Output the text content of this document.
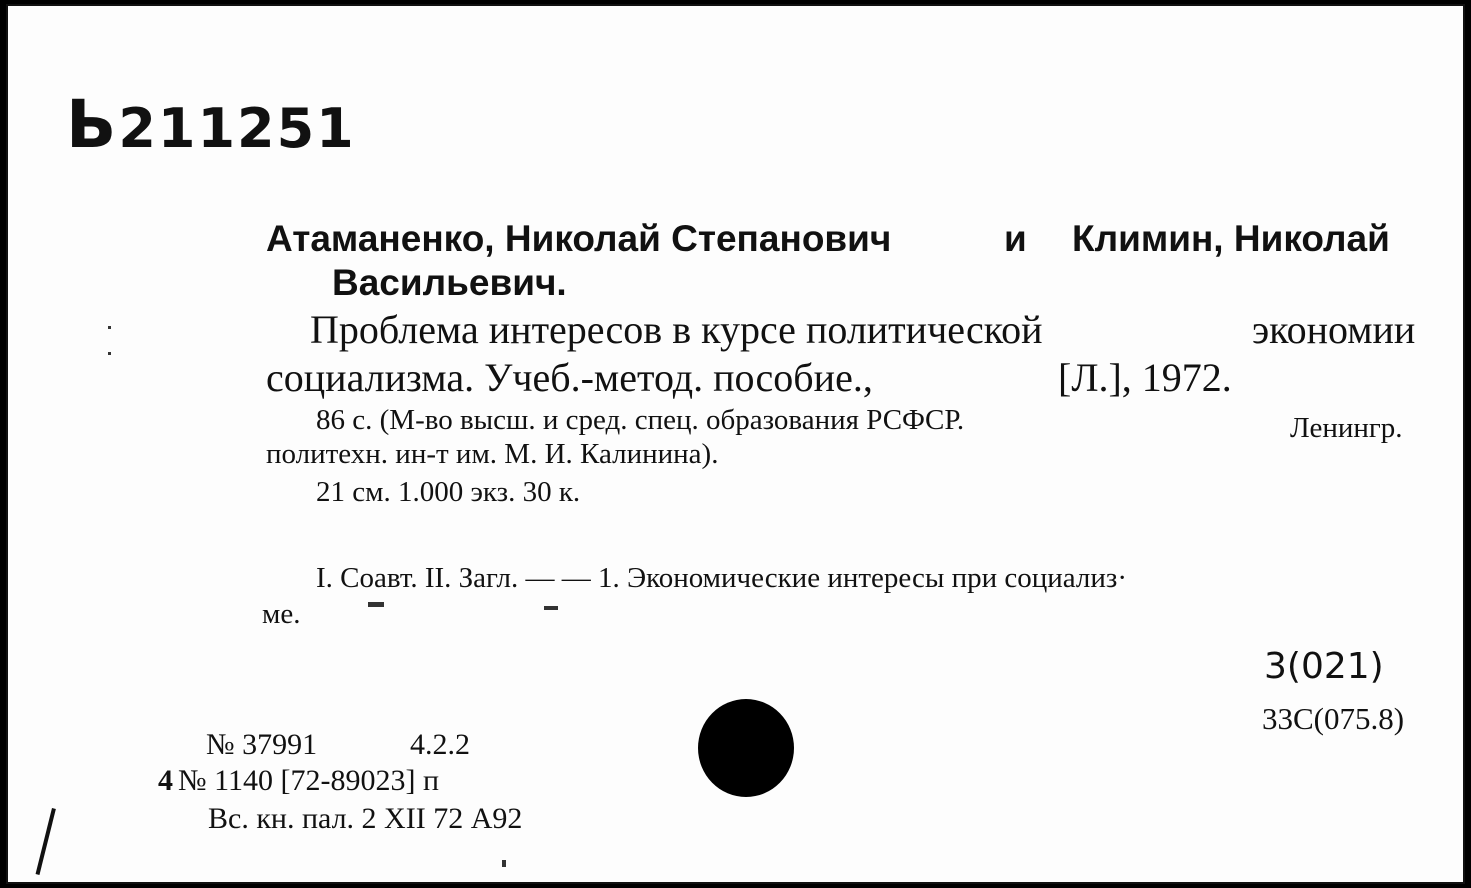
Ь211251
Атаманенко, Николай Степанович	и Климин, Николай
Васильевич.
Проблема интересов в курсе политической	экономии
социализма. Учеб.-метод. пособие.,	[Л.], 1972.
86 с. (М-во высш. и сред. спец. образования РСФСР.	Ленингр.
политехн. ин-т им. М. И. Калинина).
21 см. 1.000 экз. 30 к.
I. Соавт. II. Загл. — — 1. Экономические интересы при социализ·
ме.
3(021)
33С(075.8)
№ 37991	4.2.2
4 № 1140 [72-89023] п
Вс. кн. пал. 2 XII 72 А92
